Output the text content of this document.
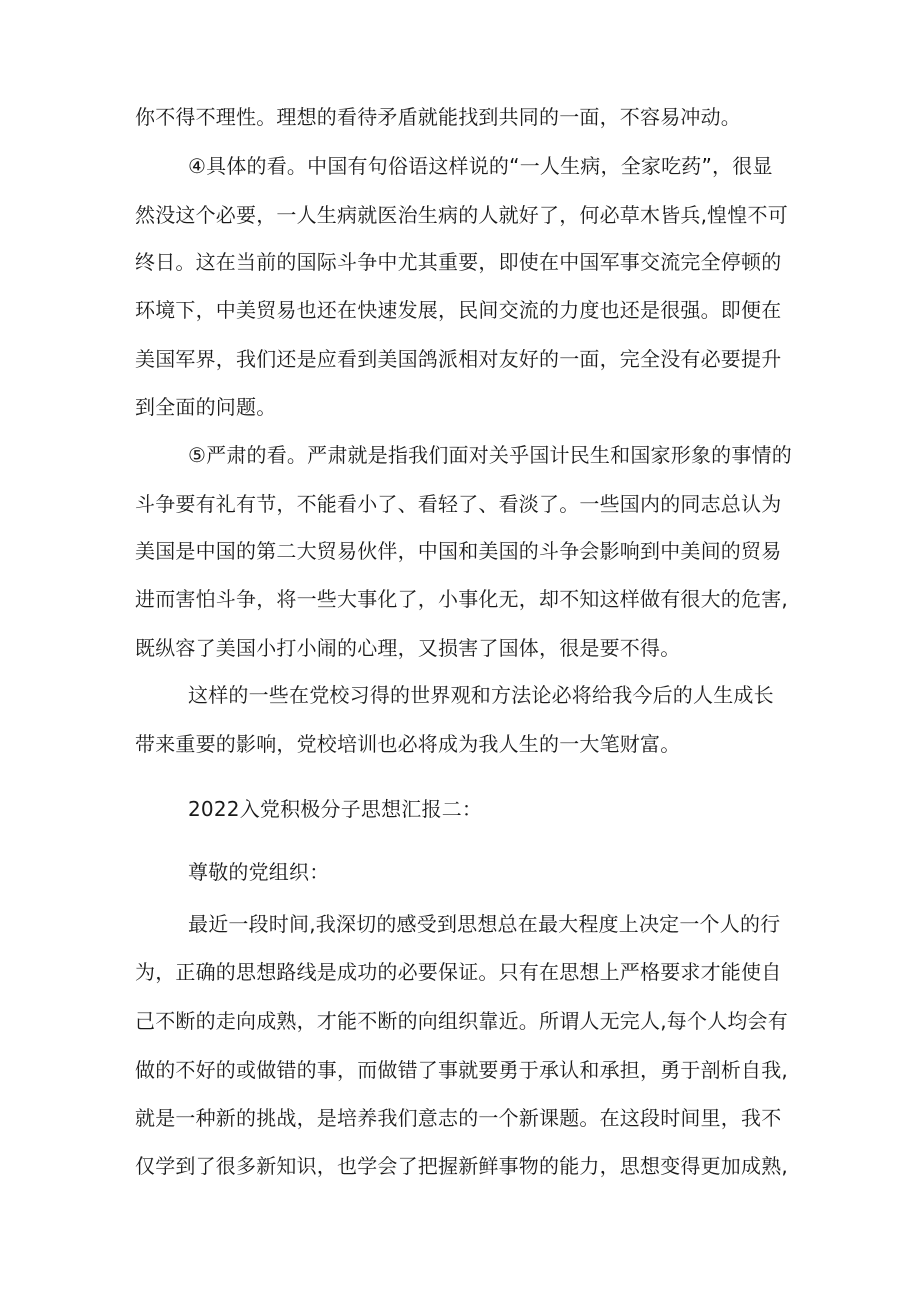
你不得不理性。理想的看待矛盾就能找到共同的一面，不容易冲动。
④具体的看。中国有句俗语这样说的“一人生病，全家吃药”，很显
然没这个必要，一人生病就医治生病的人就好了，何必草木皆兵,惶惶不可
终日。这在当前的国际斗争中尤其重要，即使在中国军事交流完全停顿的
环境下，中美贸易也还在快速发展，民间交流的力度也还是很强。即便在
美国军界，我们还是应看到美国鸽派相对友好的一面，完全没有必要提升
到全面的问题。
⑤严肃的看。严肃就是指我们面对关乎国计民生和国家形象的事情的
斗争要有礼有节，不能看小了、看轻了、看淡了。一些国内的同志总认为
美国是中国的第二大贸易伙伴，中国和美国的斗争会影响到中美间的贸易
进而害怕斗争，将一些大事化了，小事化无，却不知这样做有很大的危害,
既纵容了美国小打小闹的心理，又损害了国体，很是要不得。
这样的一些在党校习得的世界观和方法论必将给我今后的人生成长
带来重要的影响，党校培训也必将成为我人生的一大笔财富。
2022入党积极分子思想汇报二：
尊敬的党组织：
最近一段时间,我深切的感受到思想总在最大程度上决定一个人的行
为，正确的思想路线是成功的必要保证。只有在思想上严格要求才能使自
己不断的走向成熟，才能不断的向组织靠近。所谓人无完人,每个人均会有
做的不好的或做错的事，而做错了事就要勇于承认和承担，勇于剖析自我,
就是一种新的挑战，是培养我们意志的一个新课题。在这段时间里，我不
仅学到了很多新知识，也学会了把握新鲜事物的能力，思想变得更加成熟,
